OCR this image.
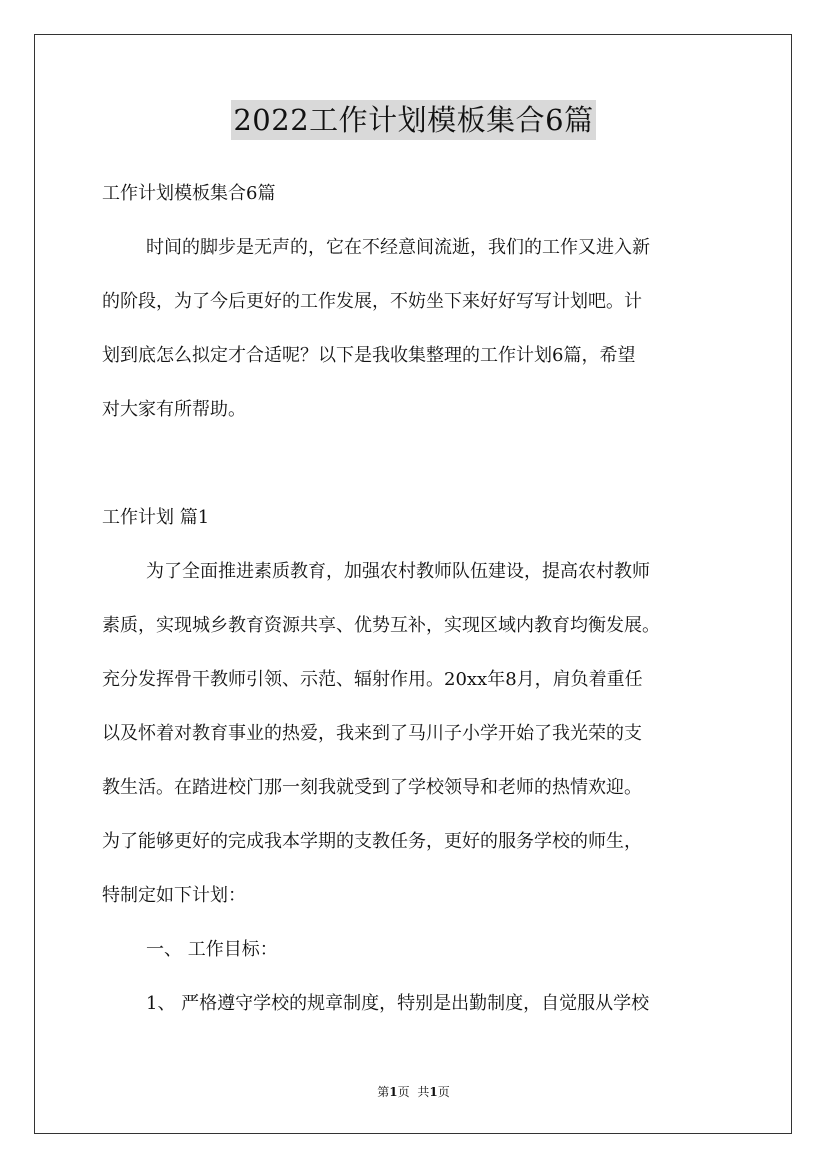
2022工作计划模板集合6篇
工作计划模板集合6篇
时间的脚步是无声的，它在不经意间流逝，我们的工作又进入新
的阶段，为了今后更好的工作发展，不妨坐下来好好写写计划吧。计
划到底怎么拟定才合适呢？以下是我收集整理的工作计划6篇，希望
对大家有所帮助。
工作计划 篇1
为了全面推进素质教育，加强农村教师队伍建设，提高农村教师
素质，实现城乡教育资源共享、优势互补，实现区域内教育均衡发展。
充分发挥骨干教师引领、示范、辐射作用。20xx年8月，肩负着重任
以及怀着对教育事业的热爱，我来到了马川子小学开始了我光荣的支
教生活。在踏进校门那一刻我就受到了学校领导和老师的热情欢迎。
为了能够更好的完成我本学期的支教任务，更好的服务学校的师生，
特制定如下计划：
一、 工作目标：
1、 严格遵守学校的规章制度，特别是出勤制度，自觉服从学校
第1页 共1页
